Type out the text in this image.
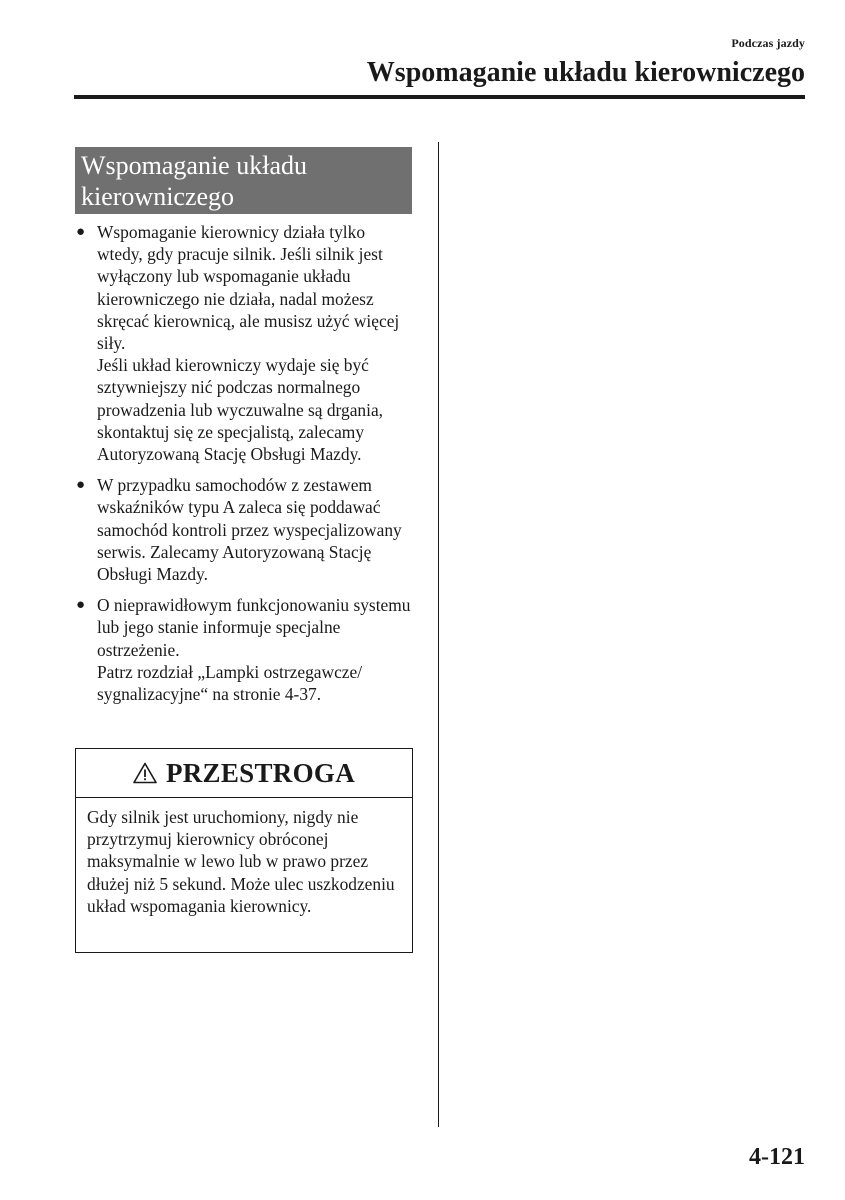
Podczas jazdy
Wspomaganie układu kierowniczego
Wspomaganie układu kierowniczego
● Wspomaganie kierownicy działa tylko wtedy, gdy pracuje silnik. Jeśli silnik jest wyłączony lub wspomaganie układu kierowniczego nie działa, nadal możesz skręcać kierownicą, ale musisz użyć więcej siły.
Jeśli układ kierowniczy wydaje się być sztywniejszy nić podczas normalnego prowadzenia lub wyczuwalne są drgania, skontaktuj się ze specjalistą, zalecamy Autoryzowaną Stację Obsługi Mazdy.
● W przypadku samochodów z zestawem wskaźników typu A zaleca się poddawać samochód kontroli przez wyspecjalizowany serwis. Zalecamy Autoryzowaną Stację Obsługi Mazdy.
● O nieprawidłowym funkcjonowaniu systemu lub jego stanie informuje specjalne ostrzeżenie.
Patrz rozdział „Lampki ostrzegawcze/ sygnalizacyjne“ na stronie 4-37.
PRZESTROGA
Gdy silnik jest uruchomiony, nigdy nie przytrzymuj kierownicy obróconej maksymalnie w lewo lub w prawo przez dłużej niż 5 sekund. Może ulec uszkodzeniu układ wspomagania kierownicy.
4-121
